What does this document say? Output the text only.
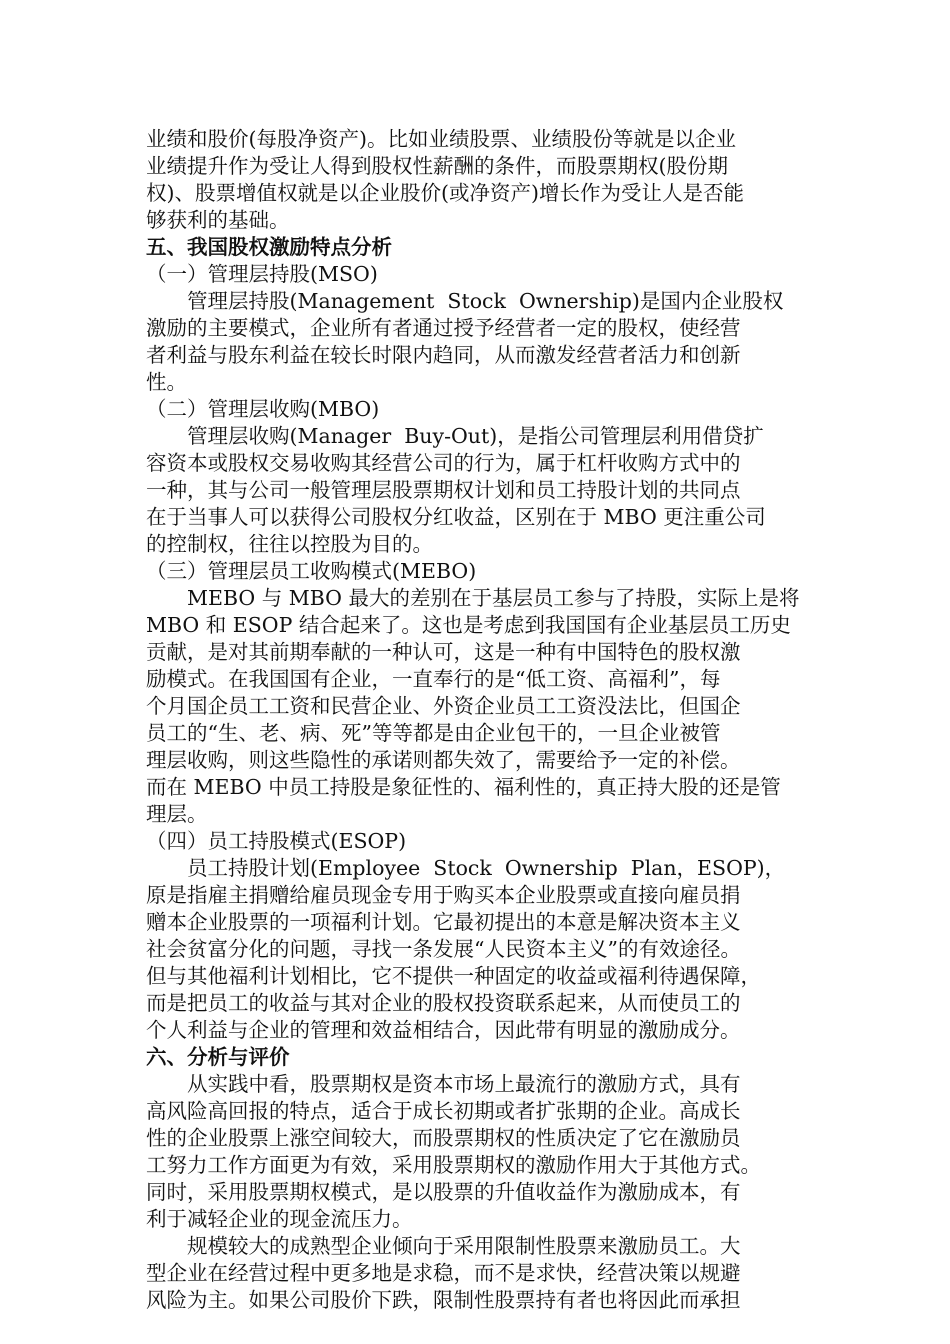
业绩和股价(每股净资产)。比如业绩股票、业绩股份等就是以企业
业绩提升作为受让人得到股权性薪酬的条件，而股票期权(股份期
权)、股票增值权就是以企业股价(或净资产)增长作为受让人是否能
够获利的基础。
五、我国股权激励特点分析
（一）管理层持股(MSO)
管理层持股(Management  Stock  Ownership)是国内企业股权
激励的主要模式，企业所有者通过授予经营者一定的股权，使经营
者利益与股东利益在较长时限内趋同，从而激发经营者活力和创新
性。
（二）管理层收购(MBO)
管理层收购(Manager  Buy-Out)，是指公司管理层利用借贷扩
容资本或股权交易收购其经营公司的行为，属于杠杆收购方式中的
一种，其与公司一般管理层股票期权计划和员工持股计划的共同点
在于当事人可以获得公司股权分红收益，区别在于 MBO 更注重公司
的控制权，往往以控股为目的。
（三）管理层员工收购模式(MEBO)
MEBO 与 MBO 最大的差别在于基层员工参与了持股，实际上是将
MBO 和 ESOP 结合起来了。这也是考虑到我国国有企业基层员工历史
贡献，是对其前期奉献的一种认可，这是一种有中国特色的股权激
励模式。在我国国有企业，一直奉行的是“低工资、高福利”，每
个月国企员工工资和民营企业、外资企业员工工资没法比，但国企
员工的“生、老、病、死”等等都是由企业包干的，一旦企业被管
理层收购，则这些隐性的承诺则都失效了，需要给予一定的补偿。
而在 MEBO 中员工持股是象征性的、福利性的，真正持大股的还是管
理层。
（四）员工持股模式(ESOP)
员工持股计划(Employee  Stock  Ownership  Plan，ESOP)，
原是指雇主捐赠给雇员现金专用于购买本企业股票或直接向雇员捐
赠本企业股票的一项福利计划。它最初提出的本意是解决资本主义
社会贫富分化的问题，寻找一条发展“人民资本主义”的有效途径。
但与其他福利计划相比，它不提供一种固定的收益或福利待遇保障，
而是把员工的收益与其对企业的股权投资联系起来，从而使员工的
个人利益与企业的管理和效益相结合，因此带有明显的激励成分。
六、分析与评价
从实践中看，股票期权是资本市场上最流行的激励方式，具有
高风险高回报的特点，适合于成长初期或者扩张期的企业。高成长
性的企业股票上涨空间较大，而股票期权的性质决定了它在激励员
工努力工作方面更为有效，采用股票期权的激励作用大于其他方式。
同时，采用股票期权模式，是以股票的升值收益作为激励成本，有
利于减轻企业的现金流压力。
规模较大的成熟型企业倾向于采用限制性股票来激励员工。大
型企业在经营过程中更多地是求稳，而不是求快，经营决策以规避
风险为主。如果公司股价下跌，限制性股票持有者也将因此而承担
